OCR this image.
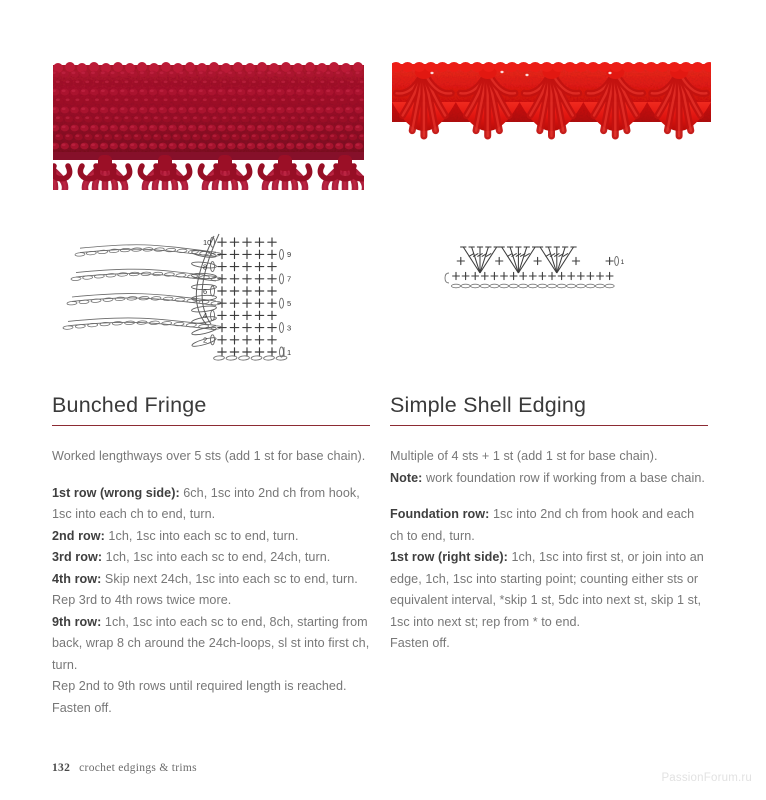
1
2
3
4
5
6
7
8
9
10
1
Bunched Fringe

Worked lengthways over 5 sts (add 1 st for base chain).

1st row (wrong side): 6ch, 1sc into 2nd ch from hook, 1sc into each ch to end, turn.

2nd row: 1ch, 1sc into each sc to end, turn.

3rd row: 1ch, 1sc into each sc to end, 24ch, turn.

4th row: Skip next 24ch, 1sc into each sc to end, turn.

Rep 3rd to 4th rows twice more.

9th row: 1ch, 1sc into each sc to end, 8ch, starting from back, wrap 8 ch around the 24ch-loops, sl st into first ch, turn.

Rep 2nd to 9th rows until required length is reached.

Fasten off.

Simple Shell Edging

Multiple of 4 sts + 1 st (add 1 st for base chain).

Note: work foundation row if working from a base chain.

Foundation row: 1sc into 2nd ch from hook and each ch to end, turn.

1st row (right side): 1ch, 1sc into first st, or join into an edge, 1ch, 1sc into starting point; counting either sts or equivalent interval, *skip 1 st, 5dc into next st, skip 1 st, 1sc into next st; rep from * to end.

Fasten off.

132 crochet edgings & trims
PassionForum.ru
